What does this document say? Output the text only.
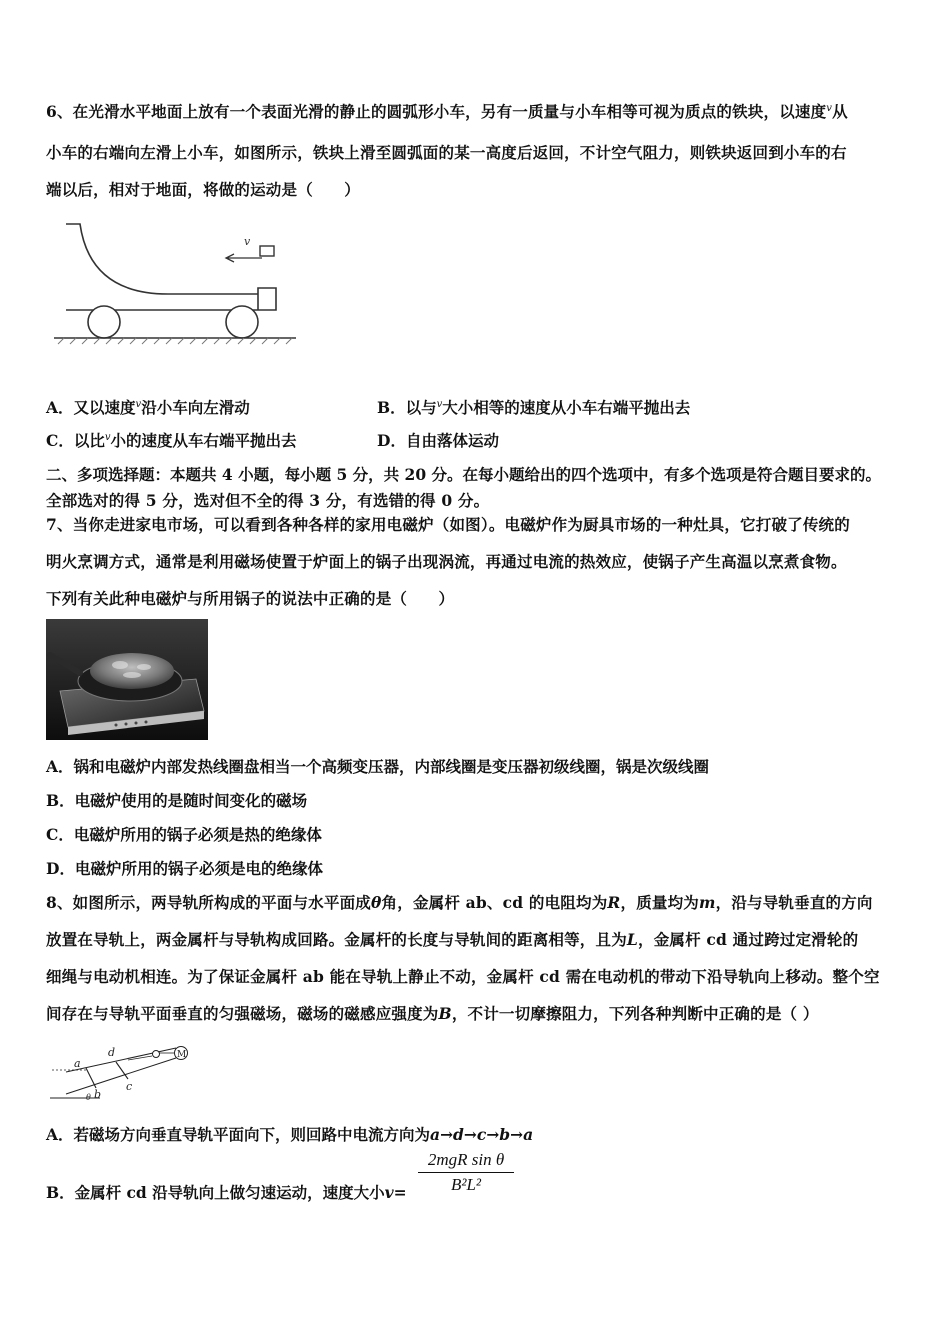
6、在光滑水平地面上放有一个表面光滑的静止的圆弧形小车，另有一质量与小车相等可视为质点的铁块，以速度$^v$从
小车的右端向左滑上小车，如图所示，铁块上滑至圆弧面的某一高度后返回，不计空气阻力，则铁块返回到小车的右
端以后，相对于地面，将做的运动是（　　）
v
A．又以速度$^v$沿小车向左滑动	B．以与$^v$大小相等的速度从小车右端平抛出去
C．以比$^v$小的速度从车右端平抛出去	D．自由落体运动
二、多项选择题：本题共 4 小题，每小题 5 分，共 20 分。在每小题给出的四个选项中，有多个选项是符合题目要求的。
全部选对的得 5 分，选对但不全的得 3 分，有选错的得 0 分。
7、当你走进家电市场，可以看到各种各样的家用电磁炉（如图）。电磁炉作为厨具市场的一种灶具，它打破了传统的
明火烹调方式，通常是利用磁场使置于炉面上的锅子出现涡流，再通过电流的热效应，使锅子产生高温以烹煮食物。
下列有关此种电磁炉与所用锅子的说法中正确的是（　　）
A．锅和电磁炉内部发热线圈盘相当一个高频变压器，内部线圈是变压器初级线圈，锅是次级线圈
B．电磁炉使用的是随时间变化的磁场
C．电磁炉所用的锅子必须是热的绝缘体
D．电磁炉所用的锅子必须是电的绝缘体
8、如图所示，两导轨所构成的平面与水平面成θ角，金属杆 ab、cd 的电阻均为R，质量均为m，沿与导轨垂直的方向
放置在导轨上，两金属杆与导轨构成回路。金属杆的长度与导轨间的距离相等，且为L，金属杆 cd 通过跨过定滑轮的
细绳与电动机相连。为了保证金属杆 ab 能在导轨上静止不动，金属杆 cd 需在电动机的带动下沿导轨向上移动。整个空
间存在与导轨平面垂直的匀强磁场，磁场的磁感应强度为B，不计一切摩擦阻力，下列各种判断中正确的是（ ）
M
a
b
d
c
θ
A．若磁场方向垂直导轨平面向下，则回路中电流方向为a→d→c→b→a
B．金属杆 cd 沿导轨向上做匀速运动，速度大小v=
2mgR sin θ
B²L²
